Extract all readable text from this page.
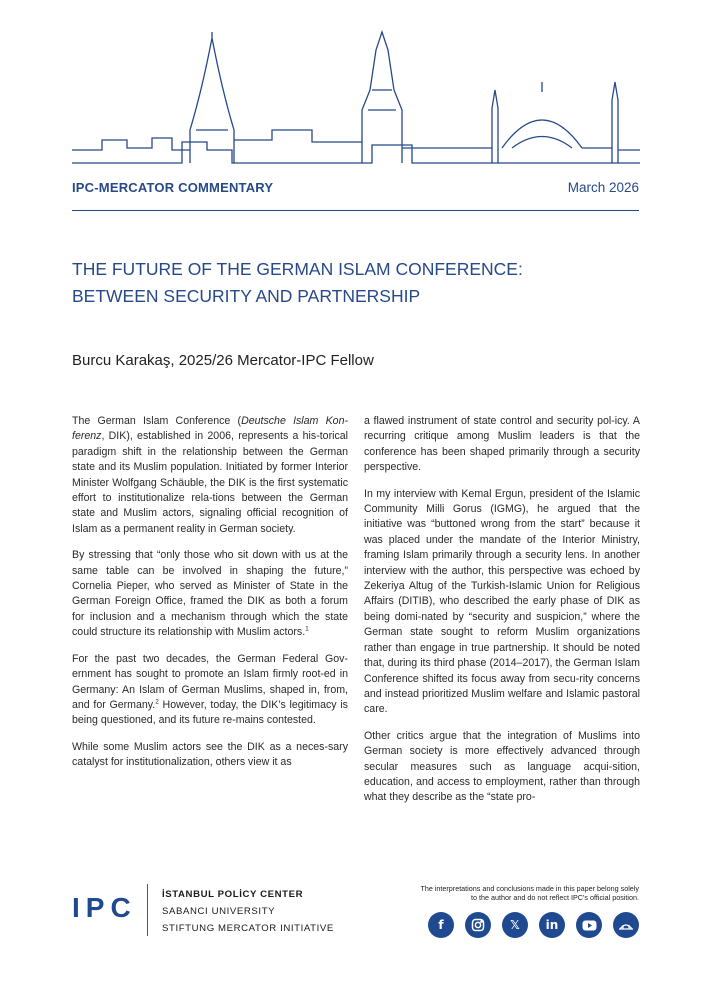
IPC-MERCATOR COMMENTARY	March 2026
THE FUTURE OF THE GERMAN ISLAM CONFERENCE:
BETWEEN SECURITY AND PARTNERSHIP
Burcu Karakaş, 2025/26 Mercator-IPC Fellow

The German Islam Conference (Deutsche Islam Kon-ferenz, DIK), established in 2006, represents a his-torical paradigm shift in the relationship between the German state and its Muslim population. Initiated by former Interior Minister Wolfgang Schäuble, the DIK is the first systematic effort to institutionalize rela-tions between the German state and Muslim actors, signaling official recognition of Islam as a permanent reality in German society.

By stressing that “only those who sit down with us at the same table can be involved in shaping the future,” Cornelia Pieper, who served as Minister of State in the German Foreign Office, framed the DIK as both a forum for inclusion and a mechanism through which the state could structure its relationship with Muslim actors.$^1$

For the past two decades, the German Federal Gov-ernment has sought to promote an Islam firmly root-ed in Germany: An Islam of German Muslims, shaped in, from, and for Germany.$^2$ However, today, the DIK’s legitimacy is being questioned, and its future re-mains contested.

While some Muslim actors see the DIK as a neces-sary catalyst for institutionalization, others view it as

a flawed instrument of state control and security pol-icy. A recurring critique among Muslim leaders is that the conference has been shaped primarily through a security perspective.

In my interview with Kemal Ergun, president of the Islamic Community Milli Gorus (IGMG), he argued that the initiative was “buttoned wrong from the start” because it was placed under the mandate of the Interior Ministry, framing Islam primarily through a security lens. In another interview with the author, this perspective was echoed by Zekeriya Altug of the Turkish-Islamic Union for Religious Affairs (DITIB), who described the early phase of DIK as being domi-nated by “security and suspicion,” where the German state sought to reform Muslim organizations rather than engage in true partnership. It should be noted that, during its third phase (2014–2017), the German Islam Conference shifted its focus away from secu-rity concerns and instead prioritized Muslim welfare and Islamic pastoral care.

Other critics argue that the integration of Muslims into German society is more effectively advanced through secular measures such as language acqui-sition, education, and access to employment, rather than through what they describe as the “state pro-

IPC	İSTANBUL POLİCY CENTER
SABANCI UNIVERSITY
STIFTUNG MERCATOR INITIATIVE
The interpretations and conclusions made in this paper belong solely
to the author and do not reflect IPC’s official position.
f	𝕏	in
